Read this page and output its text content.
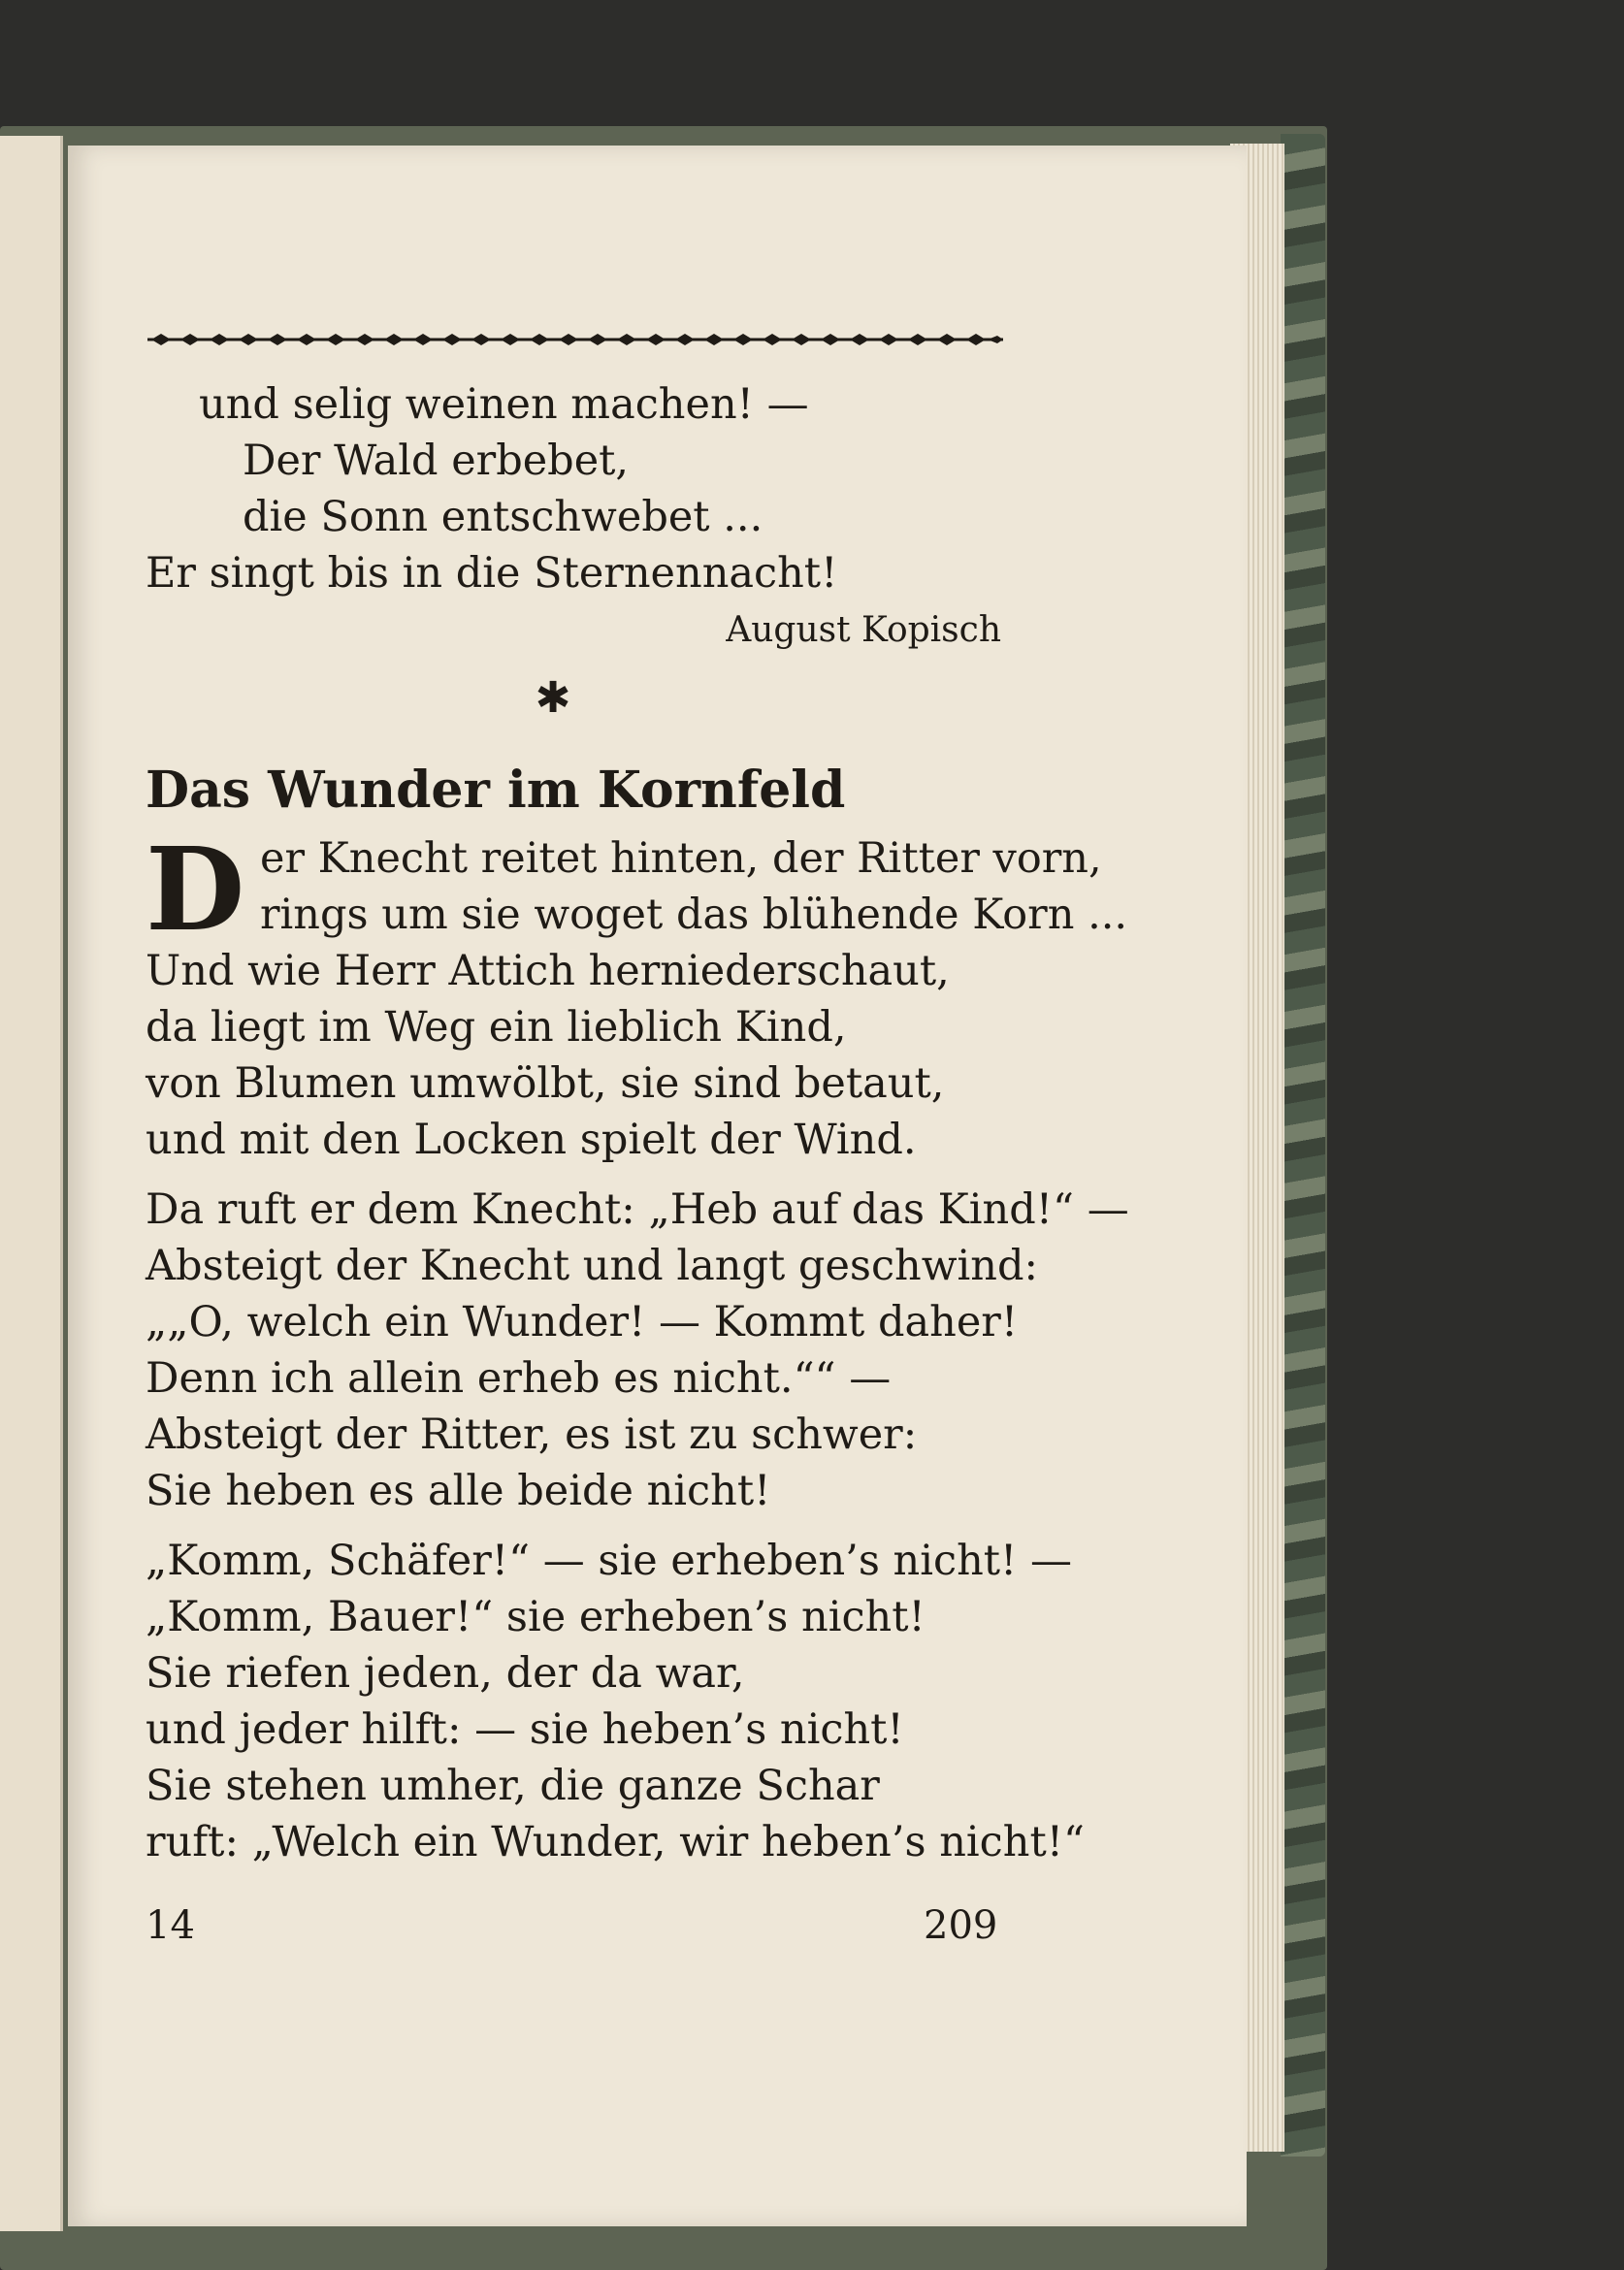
und selig weinen machen! —
Der Wald erbebet,
die Sonn entschwebet ...
Er singt bis in die Sternennacht!
August Kopisch
✱
Das Wunder im Kornfeld
D er Knecht reitet hinten, der Ritter vorn,
rings um sie woget das blühende Korn ...
Und wie Herr Attich herniederschaut,
da liegt im Weg ein lieblich Kind,
von Blumen umwölbt, sie sind betaut,
und mit den Locken spielt der Wind.
Da ruft er dem Knecht: „Heb auf das Kind!“ —
Absteigt der Knecht und langt geschwind:
„„O, welch ein Wunder! — Kommt daher!
Denn ich allein erheb es nicht.““ —
Absteigt der Ritter, es ist zu schwer:
Sie heben es alle beide nicht!
„Komm, Schäfer!“ — sie erheben’s nicht! —
„Komm, Bauer!“ sie erheben’s nicht!
Sie riefen jeden, der da war,
und jeder hilft: — sie heben’s nicht!
Sie stehen umher, die ganze Schar
ruft: „Welch ein Wunder, wir heben’s nicht!“
14	209
